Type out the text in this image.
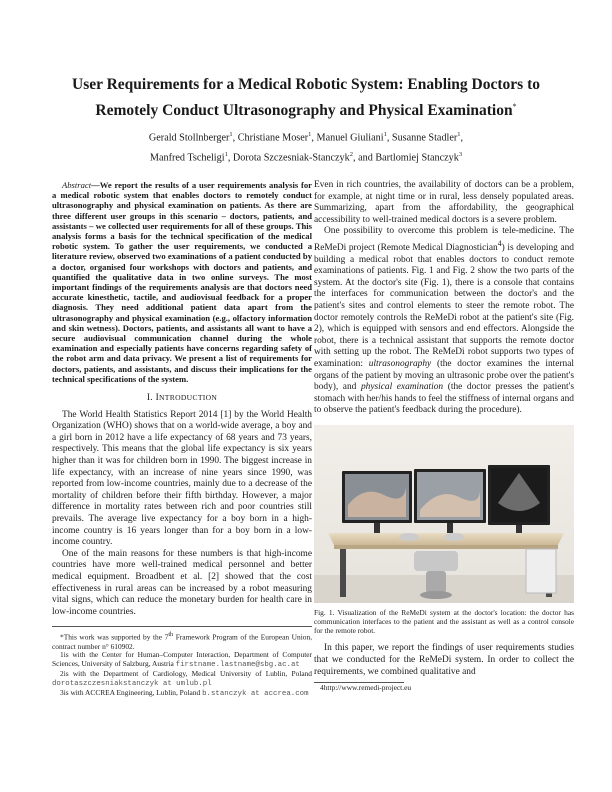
User Requirements for a Medical Robotic System: Enabling Doctors to Remotely Conduct Ultrasonography and Physical Examination*
Gerald Stollnberger$^1$, Christiane Moser$^1$, Manuel Giuliani$^1$, Susanne Stadler$^1$,
Manfred Tscheligi$^1$, Dorota Szczesniak-Stanczyk$^2$, and Bartlomiej Stanczyk$^3$

Abstract—We report the results of a user requirements analysis for a medical robotic system that enables doctors to remotely conduct ultrasonography and physical examination on patients. As there are three different user groups in this scenario – doctors, patients, and assistants – we collected user requirements for all of these groups. This analysis forms a basis for the technical specification of the medical robotic system. To gather the user requirements, we conducted a literature review, observed two examinations of a patient conducted by a doctor, organised four workshops with doctors and patients, and quantified the qualitative data in two online surveys. The most important findings of the requirements analysis are that doctors need accurate kinesthetic, tactile, and audiovisual feedback for a proper diagnosis. They need additional patient data apart from the ultrasonography and physical examination (e.g., olfactory information and skin wetness). Doctors, patients, and assistants all want to have a secure audiovisual communication channel during the whole examination and especially patients have concerns regarding safety of the robot arm and data privacy. We present a list of requirements for doctors, patients, and assistants, and discuss their implications for the technical specifications of the system.

I. INTRODUCTION

The World Health Statistics Report 2014 [1] by the World Health Organization (WHO) shows that on a world-wide average, a boy and a girl born in 2012 have a life expectancy of 68 years and 73 years, respectively. This means that the global life expectancy is six years higher than it was for children born in 1990. The biggest increase in life expectancy, with an increase of nine years since 1990, was reported from low-income countries, mainly due to a decrease of the mortality of children before their fifth birthday. However, a major difference in mortality rates between rich and poor countries still prevails. The average live expectancy for a boy born in a high-income country is 16 years longer than for a boy born in a low-income country.

One of the main reasons for these numbers is that high-income countries have more well-trained medical personnel and better medical equipment. Broadbent et al. [2] showed that the cost effectiveness in rural areas can be increased by a robot measuring vital signs, which can reduce the monetary burden for health care in low-income countries.

*This work was supported by the 7th Framework Program of the European Union, contract number n° 610902.
1is with the Center for Human–Computer Interaction, Department of Computer Sciences, University of Salzburg, Austria firstname.lastname@sbg.ac.at
2is with the Department of Cardiology, Medical University of Lublin, Poland dorotaszczesniakstanczyk at umlub.pl
3is with ACCREA Engineering, Lublin, Poland b.stanczyk at accrea.com

Even in rich countries, the availability of doctors can be a problem, for example, at night time or in rural, less densely populated areas. Summarizing, apart from the affordability, the geographical accessibility to well-trained medical doctors is a severe problem.

One possibility to overcome this problem is tele-medicine. The ReMeDi project (Remote Medical Diagnostician$^4$) is developing and building a medical robot that enables doctors to conduct remote examinations of patients. Fig. 1 and Fig. 2 show the two parts of the system. At the doctor's site (Fig. 1), there is a console that contains the interfaces for communication between the doctor's and the patient's sites and control elements to steer the remote robot. The doctor remotely controls the ReMeDi robot at the patient's site (Fig. 2), which is equipped with sensors and end effectors. Alongside the robot, there is a technical assistant that supports the remote doctor with setting up the robot. The ReMeDi robot supports two types of examination: ultrasonography (the doctor examines the internal organs of the patient by moving an ultrasonic probe over the patient's body), and physical examination (the doctor presses the patient's stomach with her/his hands to feel the stiffness of internal organs and to observe the patient's feedback during the procedure).

Fig. 1. Visualization of the ReMeDi system at the doctor's location: the doctor has communication interfaces to the patient and the assistant as well as a control console for the remote robot.

In this paper, we report the findings of user requirements studies that we conducted for the ReMeDi system. In order to collect the requirements, we combined qualitative and

4http://www.remedi-project.eu
